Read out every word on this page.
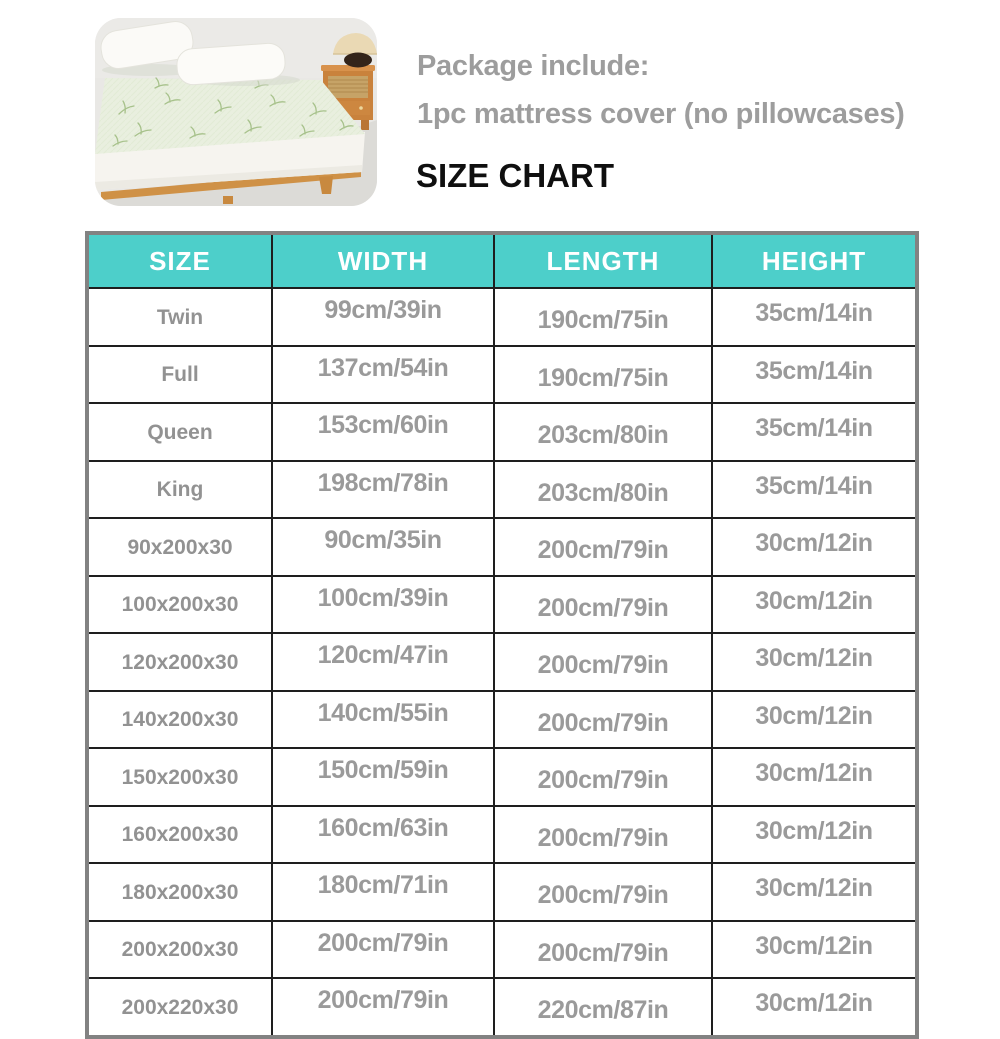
Package include:
1pc mattress cover (no pillowcases)
SIZE CHART
SIZE	WIDTH	LENGTH	HEIGHT
Twin	99cm/39in	190cm/75in	35cm/14in
Full	137cm/54in	190cm/75in	35cm/14in
Queen	153cm/60in	203cm/80in	35cm/14in
King	198cm/78in	203cm/80in	35cm/14in
90x200x30	90cm/35in	200cm/79in	30cm/12in
100x200x30	100cm/39in	200cm/79in	30cm/12in
120x200x30	120cm/47in	200cm/79in	30cm/12in
140x200x30	140cm/55in	200cm/79in	30cm/12in
150x200x30	150cm/59in	200cm/79in	30cm/12in
160x200x30	160cm/63in	200cm/79in	30cm/12in
180x200x30	180cm/71in	200cm/79in	30cm/12in
200x200x30	200cm/79in	200cm/79in	30cm/12in
200x220x30	200cm/79in	220cm/87in	30cm/12in
